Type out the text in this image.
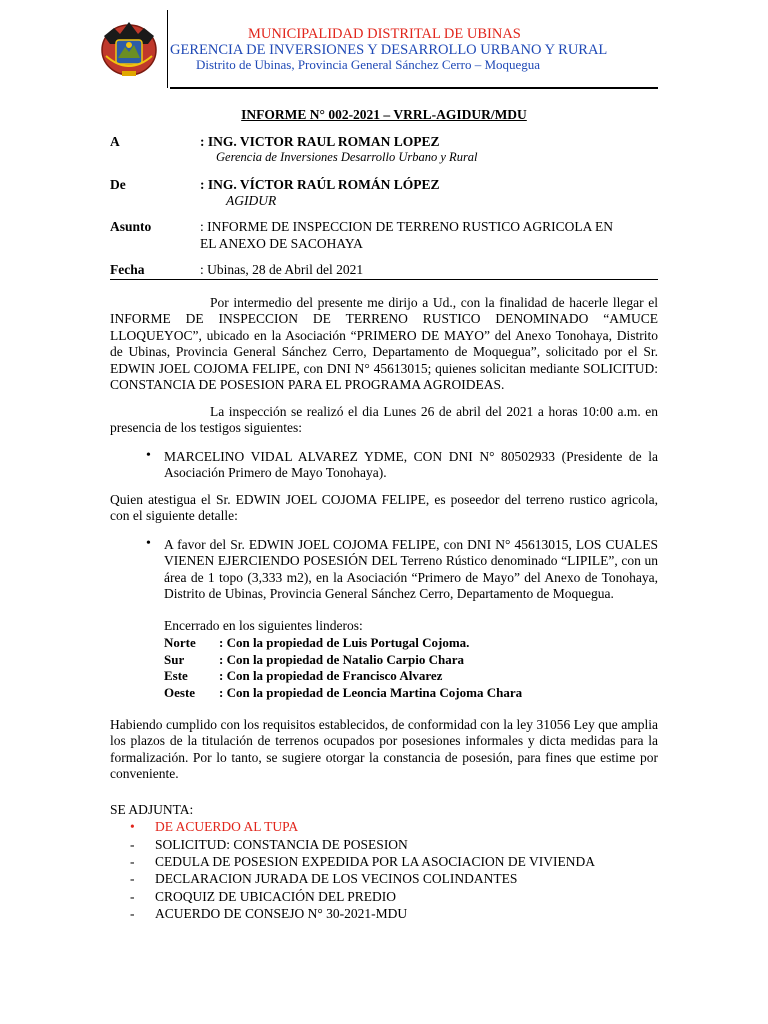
MUNICIPALIDAD DISTRITAL DE UBINAS
GERENCIA DE INVERSIONES Y DESARROLLO URBANO Y RURAL
Distrito de Ubinas, Provincia General Sánchez Cerro – Moquegua
INFORME N° 002-2021 – VRRL-AGIDUR/MDU
A	: ING. VICTOR RAUL ROMAN LOPEZ
Gerencia de Inversiones Desarrollo Urbano y Rural
De	: ING. VÍCTOR RAÚL ROMÁN LÓPEZ
AGIDUR
Asunto	: INFORME DE INSPECCION DE TERRENO RUSTICO AGRICOLA EN
EL ANEXO DE SACOHAYA
Fecha	: Ubinas, 28 de Abril del 2021
Por intermedio del presente me dirijo a Ud., con la finalidad de hacerle llegar el INFORME DE INSPECCION DE TERRENO RUSTICO DENOMINADO “AMUCE LLOQUEYOC”, ubicado en la Asociación “PRIMERO DE MAYO” del Anexo Tonohaya, Distrito de Ubinas, Provincia General Sánchez Cerro, Departamento de Moquegua”, solicitado por el Sr. EDWIN JOEL COJOMA FELIPE, con DNI N° 45613015; quienes solicitan mediante SOLICITUD: CONSTANCIA DE POSESION PARA EL PROGRAMA AGROIDEAS.
La inspección se realizó el dia Lunes 26 de abril del 2021 a horas 10:00 a.m. en presencia de los testigos siguientes:
• MARCELINO VIDAL ALVAREZ YDME, CON DNI N° 80502933 (Presidente de la Asociación Primero de Mayo Tonohaya).
Quien atestigua el Sr. EDWIN JOEL COJOMA FELIPE, es poseedor del terreno rustico agricola, con el siguiente detalle:
• A favor del Sr. EDWIN JOEL COJOMA FELIPE, con DNI N° 45613015, LOS CUALES VIENEN EJERCIENDO POSESIÓN DEL Terreno Rústico denominado “LIPILE”, con un área de 1 topo (3,333 m2), en la Asociación “Primero de Mayo” del Anexo de Tonohaya, Distrito de Ubinas, Provincia General Sánchez Cerro, Departamento de Moquegua.
Encerrado en los siguientes linderos:
Norte : Con la propiedad de Luis Portugal Cojoma.
Sur	: Con la propiedad de Natalio Carpio Chara
Este : Con la propiedad de Francisco Alvarez
Oeste : Con la propiedad de Leoncia Martina Cojoma Chara
Habiendo cumplido con los requisitos establecidos, de conformidad con la ley 31056 Ley que amplia los plazos de la titulación de terrenos ocupados por posesiones informales y dicta medidas para la formalización. Por lo tanto, se sugiere otorgar la constancia de posesión, para fines que estime por conveniente.
SE ADJUNTA:
• DE ACUERDO AL TUPA
- SOLICITUD: CONSTANCIA DE POSESION
- CEDULA DE POSESION EXPEDIDA POR LA ASOCIACION DE VIVIENDA
- DECLARACION JURADA DE LOS VECINOS COLINDANTES
- CROQUIZ DE UBICACIÓN DEL PREDIO
- ACUERDO DE CONSEJO N° 30-2021-MDU
